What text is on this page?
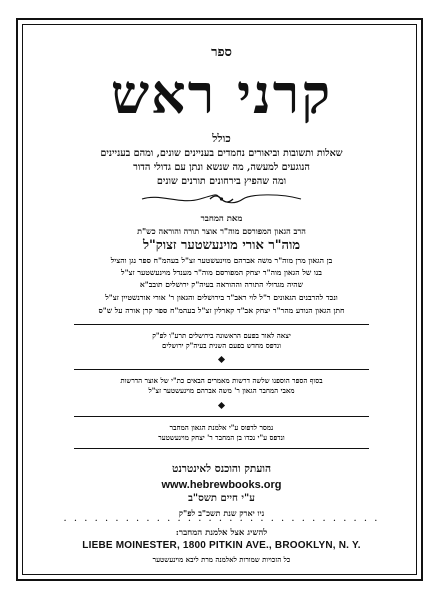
ספר
קרני ראש
כולל
שאלות ותשובות וביאורים נחמדים בעניינים שונים, ומהם בעניינים
הנוגעים למעשה, מה שנשא ונתן עם גדולי הדור
ומה שהפיץ בירחונים תורנים שונים
מאת המחבר
הרב הגאון המפורסם מוה"ר אוצר תורה והוראה כש"ת
מוה"ר אורי מוינעשטער זצוק"ל
בן הגאון מרן מוה"ר משה אברהם מוינעשטער זצ"ל בעהמ"ח ספר נגן והציל
בנו של הגאון מוה"ר יצחק המפורסם מוה"ר מענדל מוינעשטער זצ"ל
שהיה מגדולי התורה וההוראה בעיה"ק ירושלים תובב"א
ונכד להרבנים הגאונים ר"ל לוי ראב"ד בירושלים והגאון ר' אורי אורנשטיין זצ"ל
חתן הגאון הנודע מהר"ר יצחק אב"ד קארלין זצ"ל בעהמ"ח ספר קרן אורה על ש"ס
יצאה לאור בפעם הראשונה בירושלים תרע"ו לפ"ק
ונדפס מחדש בפעם השנית בעיה"ק ירושלים
בסוף הספר הוספנו שלשה דרשות מאמרים הבאים כת"י של אוצר הדרשות
מאבי המחבר הגאון ר' משה אברהם מוינעשטער זצ"ל
נמסר לדפוס ע"י אלמנת הגאון המחבר
ונדפס ע"י נכדו בן המחבר ר' יצחק מוינעשטער
הועתק והוכנס לאינטרנט
www.hebrewbooks.org
ע"י חיים תשס"ב
ניו יארק שנת תשכ"ב לפ"ק
· · · · · · · · · · · · · · · · · · · · · · · · · · · · · · ·
להשיג אצל אלמנת המחבר:
LIEBE MOINESTER, 1800 PITKIN AVE., BROOKLYN, N. Y.
כל הזכויות שמורות לאלמנה מרת ליבא מוינעשטער
